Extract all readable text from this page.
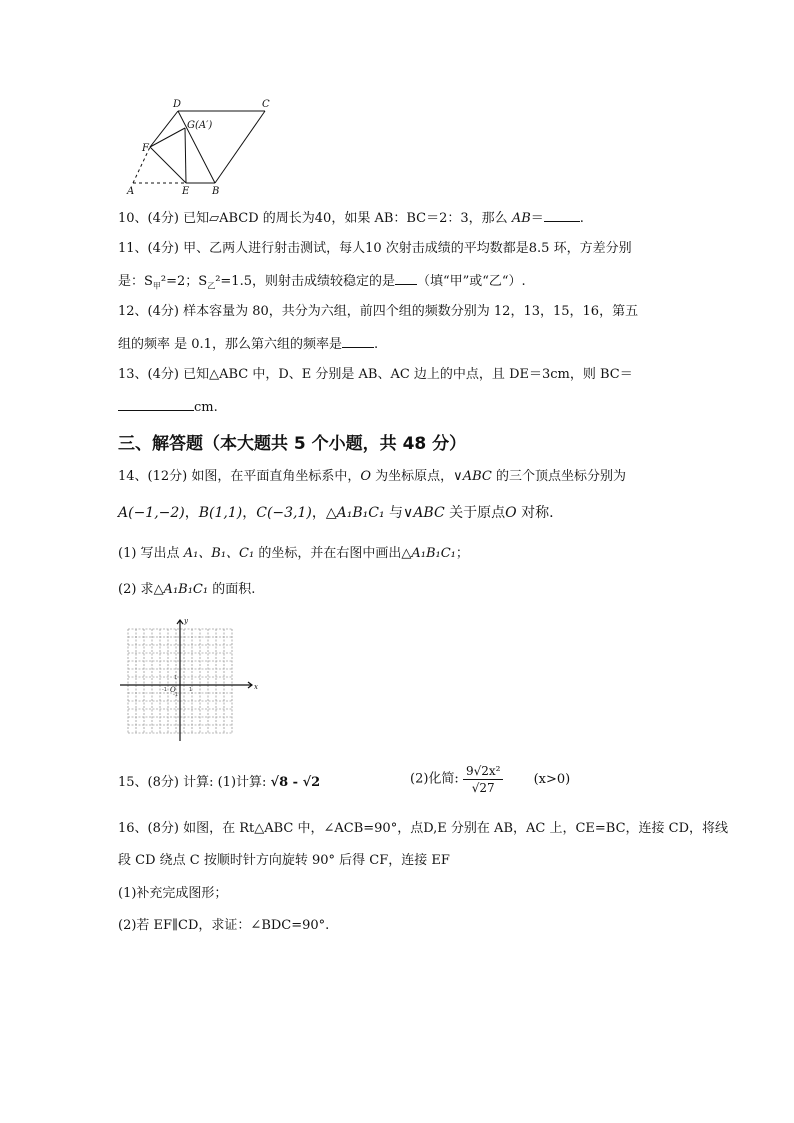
D	C
G(A′)
F
A	E B
10、(4分) 已知▱ABCD 的周长为40，如果 AB：BC＝2：3，那么 AB＝	.
11、(4分) 甲、乙两人进行射击测试，每人10 次射击成绩的平均数都是8.5 环，方差分别
是：$S_甲^2=2$；$S_乙^2=1.5$，则射击成绩较稳定的是 （填“甲”或“乙“）.
12、(4分) 样本容量为 80，共分为六组，前四个组的频数分别为 12，13，15，16，第五
组的频率 是 0.1，那么第六组的频率是 .
13、(4分) 已知△ABC 中，D、E 分别是 AB、AC 边上的中点，且 DE＝3cm，则 BC＝
cm.
三、解答题（本大题共 5 个小题，共 48 分）
14、(12分) 如图，在平面直角坐标系中，O 为坐标原点，∨ABC 的三个顶点坐标分别为
A(−1,−2)，B(1,1)，C(−3,1)，△A₁B₁C₁ 与∨ABC 关于原点O 对称.
(1) 写出点 A₁、B₁、C₁ 的坐标，并在右图中画出△A₁B₁C₁；
(2) 求△A₁B₁C₁ 的面积.
y
x
O
1
-1	1
-1
15、(8分) 计算: (1)计算: √8 - √2	(2)化简: $\frac{\text{9√2x²}}{√27} (x>0)$
16、(8分) 如图，在 Rt△ABC 中，∠ACB=90°，点D,E 分别在 AB，AC 上，CE=BC，连接 CD，将线
段 CD 绕点 C 按顺时针方向旋转 90° 后得 CF，连接 EF
(1)补充完成图形；
(2)若 EF∥CD，求证：∠BDC=90°.
